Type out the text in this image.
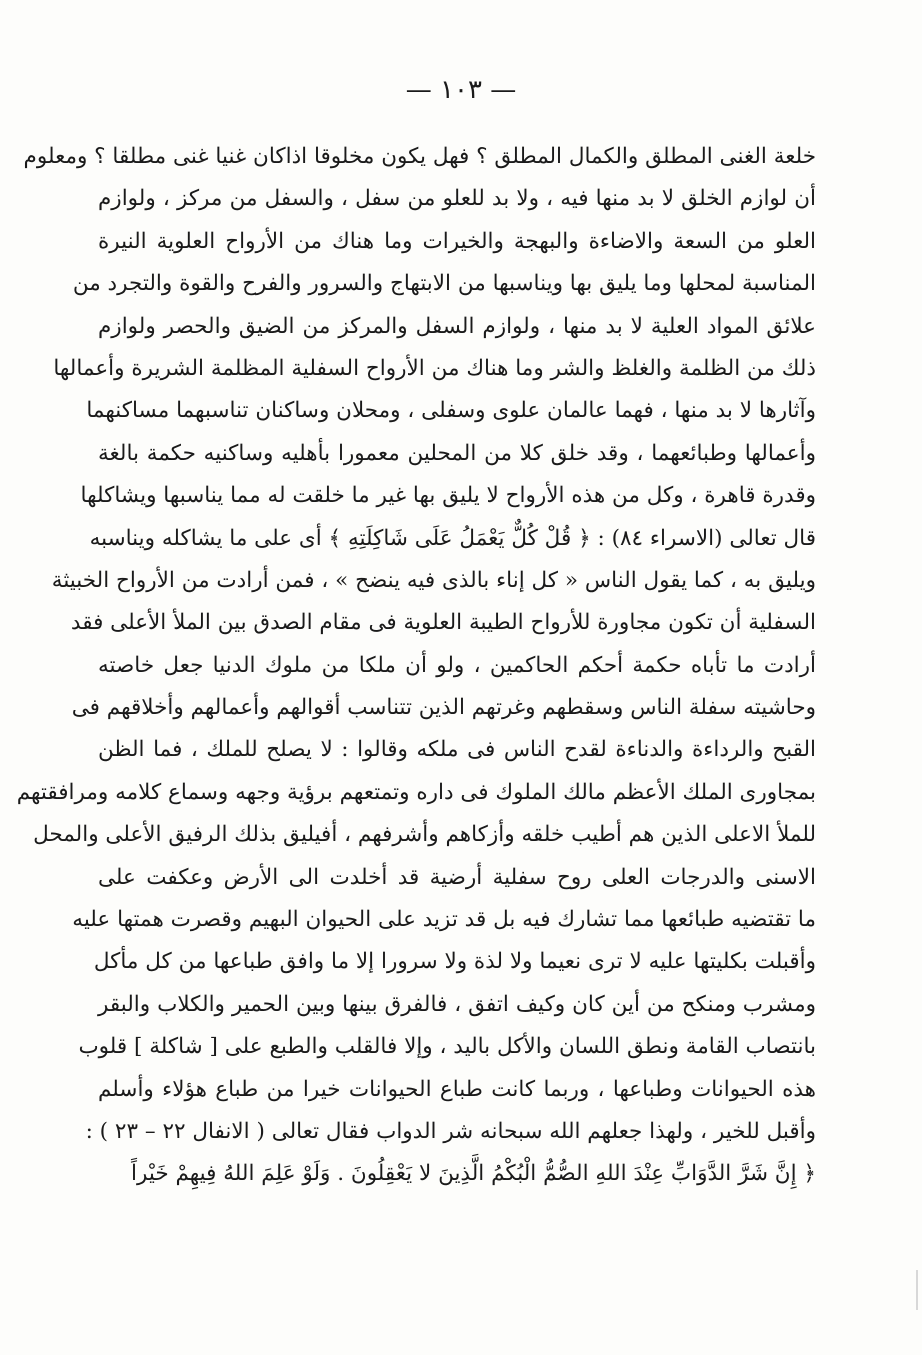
— ١٠٣ —
خلعة الغنى المطلق والكمال المطلق ؟ فهل يكون مخلوقا اذاكان غنيا غنى مطلقا ؟ ومعلوم
أن لوازم الخلق لا بد منها فيه ، ولا بد للعلو من سفل ، والسفل من مركز ، ولوازم
العلو من السعة والاضاءة والبهجة والخيرات وما هناك من الأرواح العلوية النيرة
المناسبة لمحلها وما يليق بها ويناسبها من الابتهاج والسرور والفرح والقوة والتجرد من
علائق المواد العلية لا بد منها ، ولوازم السفل والمركز من الضيق والحصر ولوازم
ذلك من الظلمة والغلظ والشر وما هناك من الأرواح السفلية المظلمة الشريرة وأعمالها
وآثارها لا بد منها ، فهما عالمان علوى وسفلى ، ومحلان وساكنان تناسبهما مساكنهما
وأعمالها وطبائعهما ، وقد خلق كلا من المحلين معمورا بأهليه وساكنيه حكمة بالغة
وقدرة قاهرة ، وكل من هذه الأرواح لا يليق بها غير ما خلقت له مما يناسبها ويشاكلها
قال تعالى (الاسراء ٨٤) : ﴿ قُلْ كُلٌّ يَعْمَلُ عَلَى شَاكِلَتِهِ ﴾ أى على ما يشاكله ويناسبه
ويليق به ، كما يقول الناس « كل إناء بالذى فيه ينضح » ، فمن أرادت من الأرواح الخبيثة
السفلية أن تكون مجاورة للأرواح الطيبة العلوية فى مقام الصدق بين الملأ الأعلى فقد
أرادت ما تأباه حكمة أحكم الحاكمين ، ولو أن ملكا من ملوك الدنيا جعل خاصته
وحاشيته سفلة الناس وسقطهم وغرتهم الذين تتناسب أقوالهم وأعمالهم وأخلاقهم فى
القبح والرداءة والدناءة لقدح الناس فى ملكه وقالوا : لا يصلح للملك ، فما الظن
بمجاورى الملك الأعظم مالك الملوك فى داره وتمتعهم برؤية وجهه وسماع كلامه ومرافقتهم
للملأ الاعلى الذين هم أطيب خلقه وأزكاهم وأشرفهم ، أفيليق بذلك الرفيق الأعلى والمحل
الاسنى والدرجات العلى روح سفلية أرضية قد أخلدت الى الأرض وعكفت على
ما تقتضيه طبائعها مما تشارك فيه بل قد تزيد على الحيوان البهيم وقصرت همتها عليه
وأقبلت بكليتها عليه لا ترى نعيما ولا لذة ولا سرورا إلا ما وافق طباعها من كل مأكل
ومشرب ومنكح من أين كان وكيف اتفق ، فالفرق بينها وبين الحمير والكلاب والبقر
بانتصاب القامة ونطق اللسان والأكل باليد ، وإلا فالقلب والطبع على [ شاكلة ] قلوب
هذه الحيوانات وطباعها ، وربما كانت طباع الحيوانات خيرا من طباع هؤلاء وأسلم
وأقبل للخير ، ولهذا جعلهم الله سبحانه شر الدواب فقال تعالى ( الانفال ٢٢ – ٢٣ ) :
﴿ إِنَّ شَرَّ الدَّوَابِّ عِنْدَ اللهِ الصُّمُّ الْبُكْمُ الَّذِينَ لا يَعْقِلُونَ . وَلَوْ عَلِمَ اللهُ فِيهِمْ خَيْراً
